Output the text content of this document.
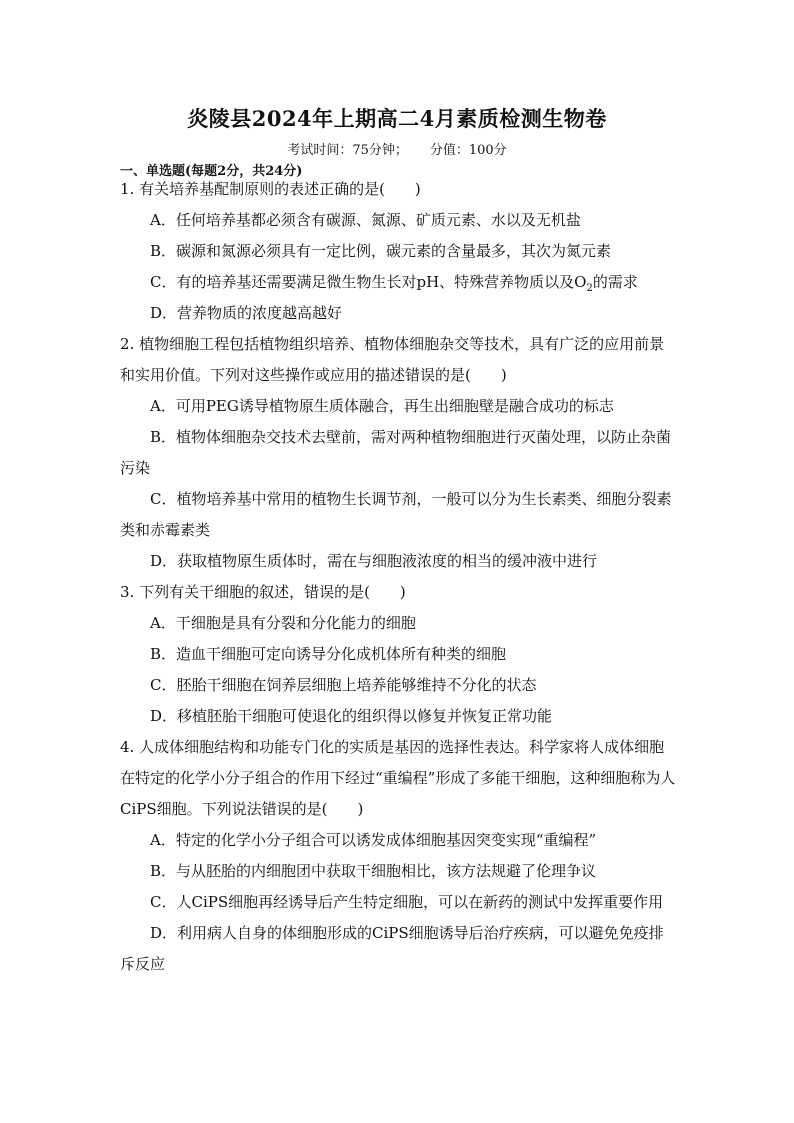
炎陵县2024年上期高二4月素质检测生物卷
考试时间：75分钟； 分值：100分
一、单选题(每题2分，共24分)

1. 有关培养基配制原则的表述正确的是(　　)

A．任何培养基都必须含有碳源、氮源、矿质元素、水以及无机盐

B．碳源和氮源必须具有一定比例，碳元素的含量最多，其次为氮元素

C．有的培养基还需要满足微生物生长对pH、特殊营养物质以及$O_2$的需求

D．营养物质的浓度越高越好

2. 植物细胞工程包括植物组织培养、植物体细胞杂交等技术，具有广泛的应用前景和实用价值。下列对这些操作或应用的描述错误的是(　　)

A．可用PEG诱导植物原生质体融合，再生出细胞壁是融合成功的标志

B．植物体细胞杂交技术去壁前，需对两种植物细胞进行灭菌处理，以防止杂菌污染

C．植物培养基中常用的植物生长调节剂，一般可以分为生长素类、细胞分裂素类和赤霉素类

D．获取植物原生质体时，需在与细胞液浓度的相当的缓冲液中进行

3. 下列有关干细胞的叙述，错误的是(　　)

A．干细胞是具有分裂和分化能力的细胞

B．造血干细胞可定向诱导分化成机体所有种类的细胞

C．胚胎干细胞在饲养层细胞上培养能够维持不分化的状态

D．移植胚胎干细胞可使退化的组织得以修复并恢复正常功能

4. 人成体细胞结构和功能专门化的实质是基因的选择性表达。科学家将人成体细胞在特定的化学小分子组合的作用下经过“重编程”形成了多能干细胞，这种细胞称为人CiPS细胞。下列说法错误的是(　　)

A．特定的化学小分子组合可以诱发成体细胞基因突变实现“重编程”

B．与从胚胎的内细胞团中获取干细胞相比，该方法规避了伦理争议

C．人CiPS细胞再经诱导后产生特定细胞，可以在新药的测试中发挥重要作用

D．利用病人自身的体细胞形成的CiPS细胞诱导后治疗疾病，可以避免免疫排斥反应
